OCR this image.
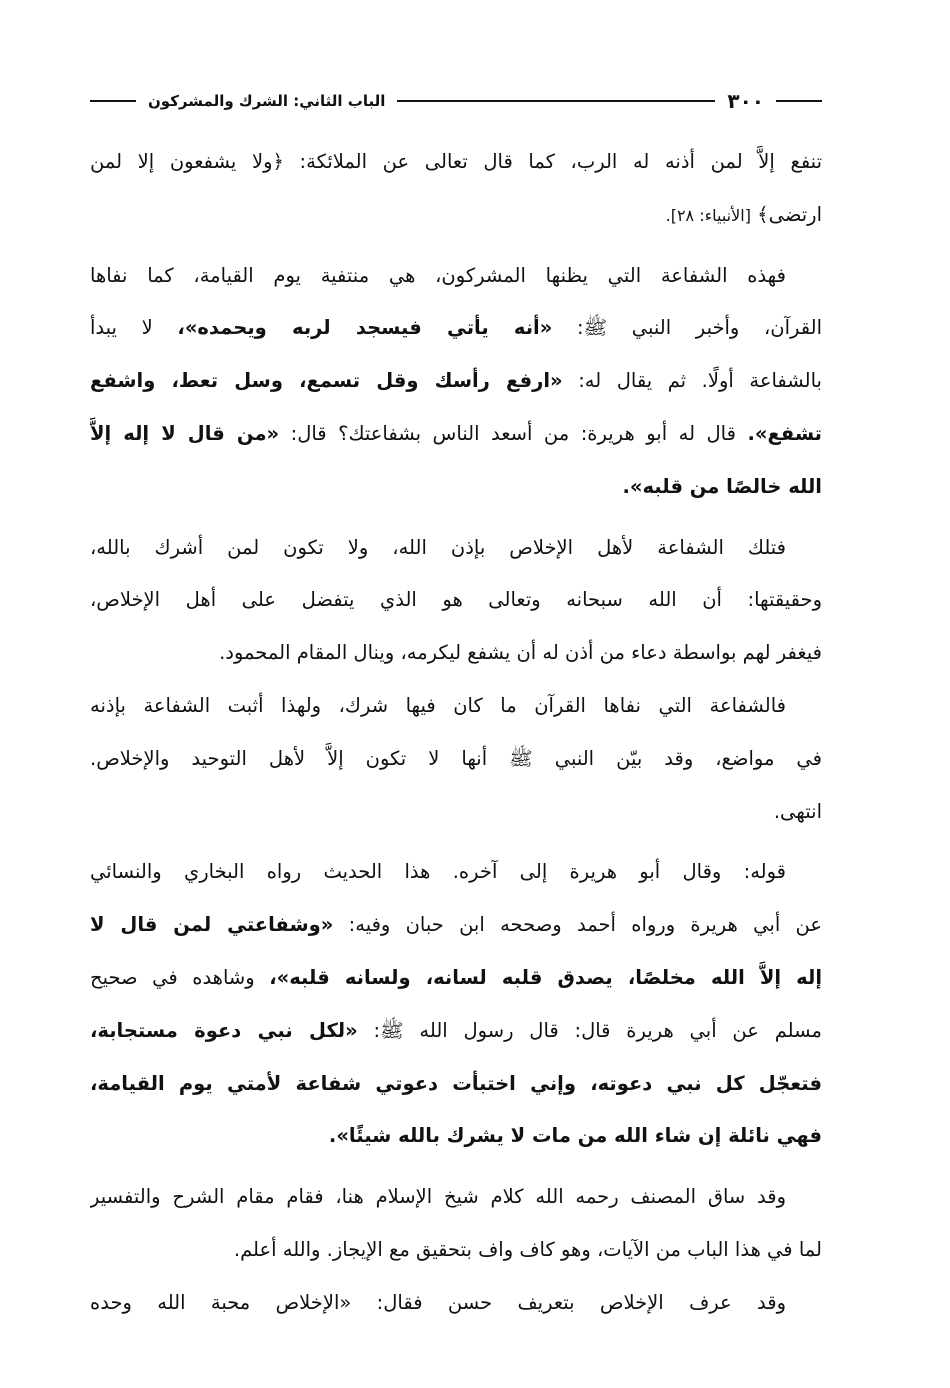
٣٠٠
الباب الثاني: الشرك والمشركون
تنفع إلاَّ لمن أذنه له الرب، كما قال تعالى عن الملائكة: ﴿ولا يشفعون إلا لمن
ارتضى﴾ [الأنبياء: ٢٨].
فهذه الشفاعة التي يظنها المشركون، هي منتفية يوم القيامة، كما نفاها
القرآن، وأخبر النبي ﷺ: «أنه يأتي فيسجد لربه ويحمده»، لا يبدأ
بالشفاعة أولًا. ثم يقال له: «ارفع رأسك وقل تسمع، وسل تعط، واشفع
تشفع». قال له أبو هريرة: من أسعد الناس بشفاعتك؟ قال: «من قال لا إله إلاَّ
الله خالصًا من قلبه».
فتلك الشفاعة لأهل الإخلاص بإذن الله، ولا تكون لمن أشرك بالله،
وحقيقتها: أن الله سبحانه وتعالى هو الذي يتفضل على أهل الإخلاص،
فيغفر لهم بواسطة دعاء من أذن له أن يشفع ليكرمه، وينال المقام المحمود.
فالشفاعة التي نفاها القرآن ما كان فيها شرك، ولهذا أثبت الشفاعة بإذنه
في مواضع، وقد بيّن النبي ﷺ أنها لا تكون إلاَّ لأهل التوحيد والإخلاص.
انتهى.
قوله: وقال أبو هريرة إلى آخره. هذا الحديث رواه البخاري والنسائي
عن أبي هريرة ورواه أحمد وصححه ابن حبان وفيه: «وشفاعتي لمن قال لا
إله إلاَّ الله مخلصًا، يصدق قلبه لسانه، ولسانه قلبه»، وشاهده في صحيح
مسلم عن أبي هريرة قال: قال رسول الله ﷺ: «لكل نبي دعوة مستجابة،
فتعجّل كل نبي دعوته، وإني اختبأت دعوتي شفاعة لأمتي يوم القيامة،
فهي نائلة إن شاء الله من مات لا يشرك بالله شيئًا».
وقد ساق المصنف رحمه الله كلام شيخ الإسلام هنا، فقام مقام الشرح والتفسير
لما في هذا الباب من الآيات، وهو كاف واف بتحقيق مع الإيجاز. والله أعلم.
وقد عرف الإخلاص بتعريف حسن فقال: «الإخلاص محبة الله وحده
